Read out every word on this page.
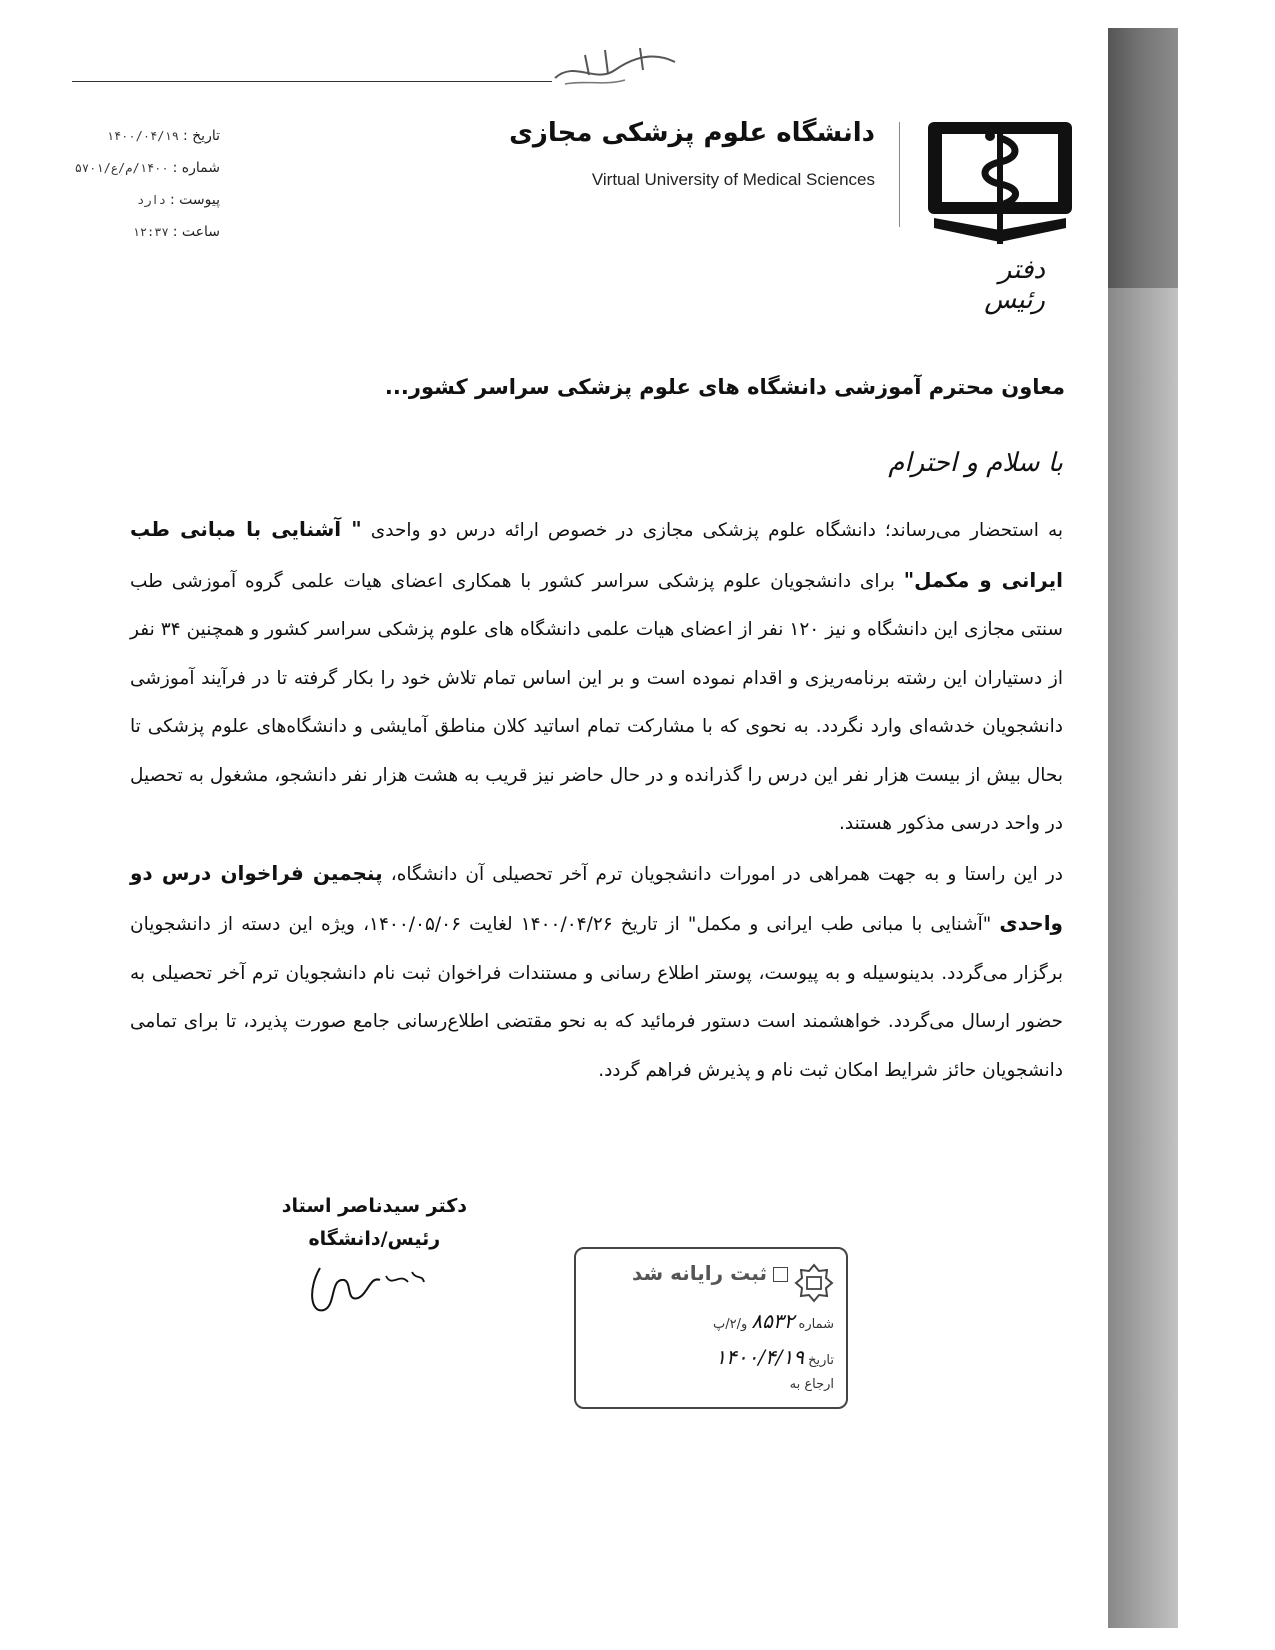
تاریخ :۱۴۰۰/۰۴/۱۹
شماره :۱۴۰۰/م/ع/۵۷۰۱
پیوست :دارد
ساعت :۱۲:۳۷
دانشگاه علوم پزشکی مجازی
Virtual University of Medical Sciences
دفتر رئیس
معاون محترم آموزشی دانشگاه های علوم پزشکی سراسر کشور...
با سلام و احترام

به استحضار می‌رساند؛ دانشگاه علوم پزشکی مجازی در خصوص ارائه درس دو واحدی " آشنایی با مبانی طب ایرانی و مکمل" برای دانشجویان علوم پزشکی سراسر کشور با همکاری اعضای هیات علمی گروه آموزشی طب سنتی مجازی این دانشگاه و نیز ۱۲۰ نفر از اعضای هیات علمی دانشگاه های علوم پزشکی سراسر کشور و همچنین ۳۴ نفر از دستیاران این رشته برنامه‌ریزی و اقدام نموده است و بر این اساس تمام تلاش خود را بکار گرفته تا در فرآیند آموزشی دانشجویان خدشه‌ای وارد نگردد. به نحوی که با مشارکت تمام اساتید کلان مناطق آمایشی و دانشگاه‌های علوم پزشکی تا بحال بیش از بیست هزار نفر این درس را گذرانده و در حال حاضر نیز قریب به هشت هزار نفر دانشجو، مشغول به تحصیل در واحد درسی مذکور هستند.

در این راستا و به جهت همراهی در امورات دانشجویان ترم آخر تحصیلی آن دانشگاه، پنجمین فراخوان درس دو واحدی "آشنایی با مبانی طب ایرانی و مکمل" از تاریخ ۱۴۰۰/۰۴/۲۶ لغایت ۱۴۰۰/۰۵/۰۶، ویژه این دسته از دانشجویان برگزار می‌گردد. بدینوسیله و به پیوست، پوستر اطلاع رسانی و مستندات فراخوان ثبت نام دانشجویان ترم آخر تحصیلی به حضور ارسال می‌گردد. خواهشمند است دستور فرمائید که به نحو مقتضی اطلاع‌رسانی جامع صورت پذیرد، تا برای تمامی دانشجویان حائز شرایط امکان ثبت نام و پذیرش فراهم گردد.

دکتر سیدناصر استاد
رئیس/دانشگاه
ثبت رایانه شد
شماره ۸۵۳۲ و/۲/پ
تاریخ ۱۴۰۰/۴/۱۹
ارجاع به
